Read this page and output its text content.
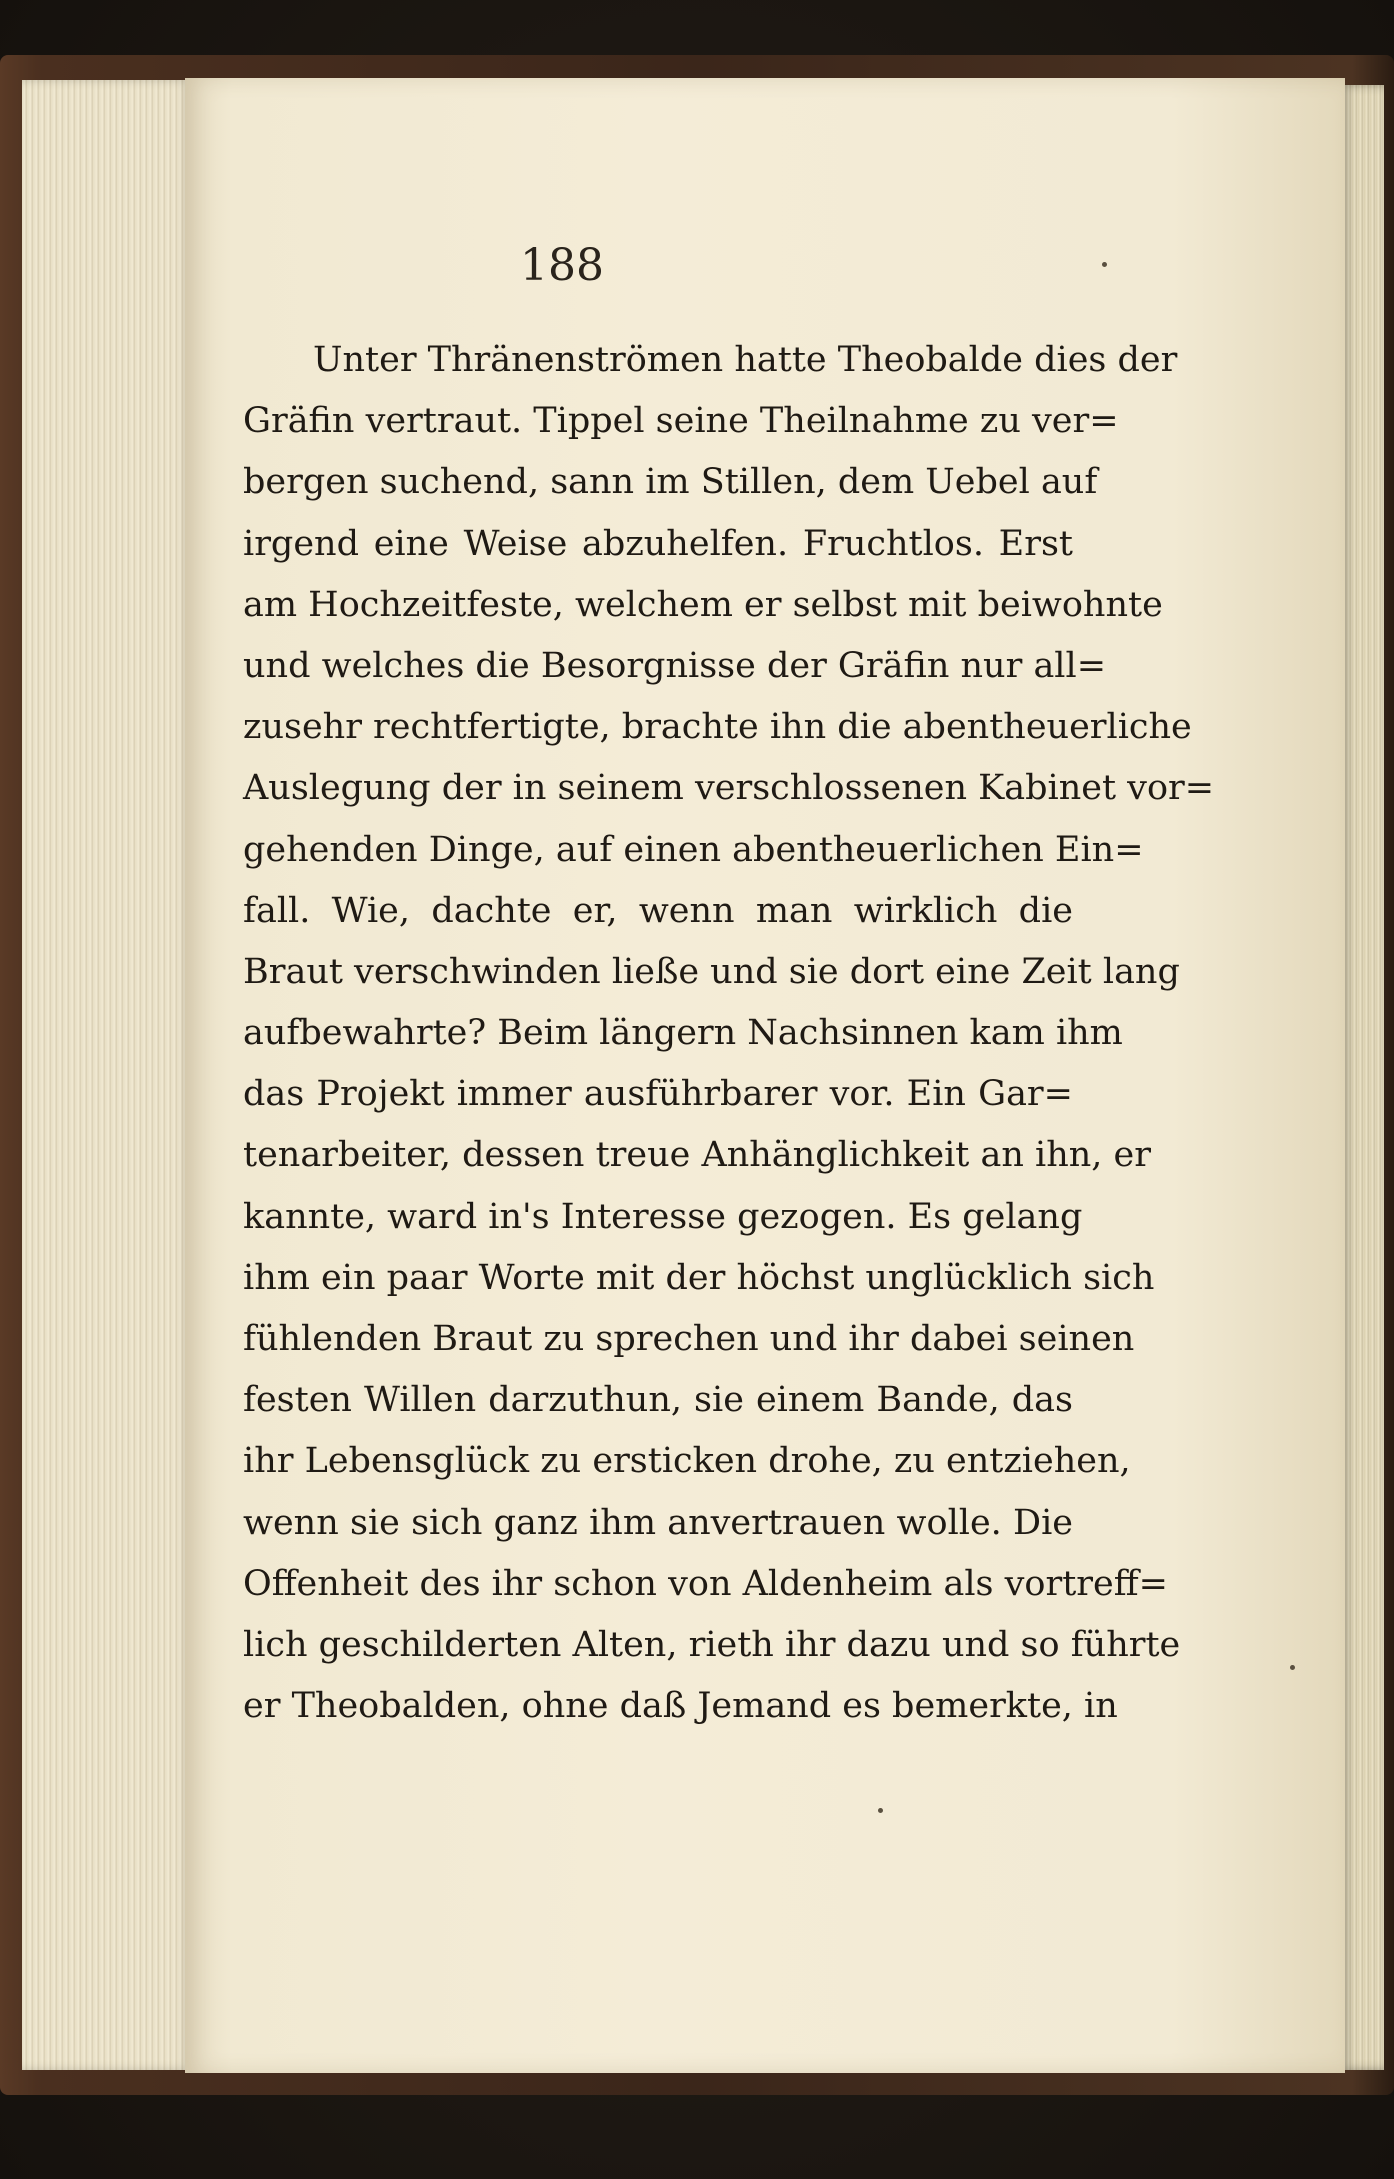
188
Unter Thränenströmen hatte Theobalde dies der
Gräfin vertraut. Tippel seine Theilnahme zu ver=
bergen suchend, sann im Stillen, dem Uebel auf
irgend eine Weise abzuhelfen. Fruchtlos. Erst
am Hochzeitfeste, welchem er selbst mit beiwohnte
und welches die Besorgnisse der Gräfin nur all=
zusehr rechtfertigte, brachte ihn die abentheuerliche
Auslegung der in seinem verschlossenen Kabinet vor=
gehenden Dinge, auf einen abentheuerlichen Ein=
fall. Wie, dachte er, wenn man wirklich die
Braut verschwinden ließe und sie dort eine Zeit lang
aufbewahrte? Beim längern Nachsinnen kam ihm
das Projekt immer ausführbarer vor. Ein Gar=
tenarbeiter, dessen treue Anhänglichkeit an ihn, er
kannte, ward in's Interesse gezogen. Es gelang
ihm ein paar Worte mit der höchst unglücklich sich
fühlenden Braut zu sprechen und ihr dabei seinen
festen Willen darzuthun, sie einem Bande, das
ihr Lebensglück zu ersticken drohe, zu entziehen,
wenn sie sich ganz ihm anvertrauen wolle. Die
Offenheit des ihr schon von Aldenheim als vortreff=
lich geschilderten Alten, rieth ihr dazu und so führte
er Theobalden, ohne daß Jemand es bemerkte, in
